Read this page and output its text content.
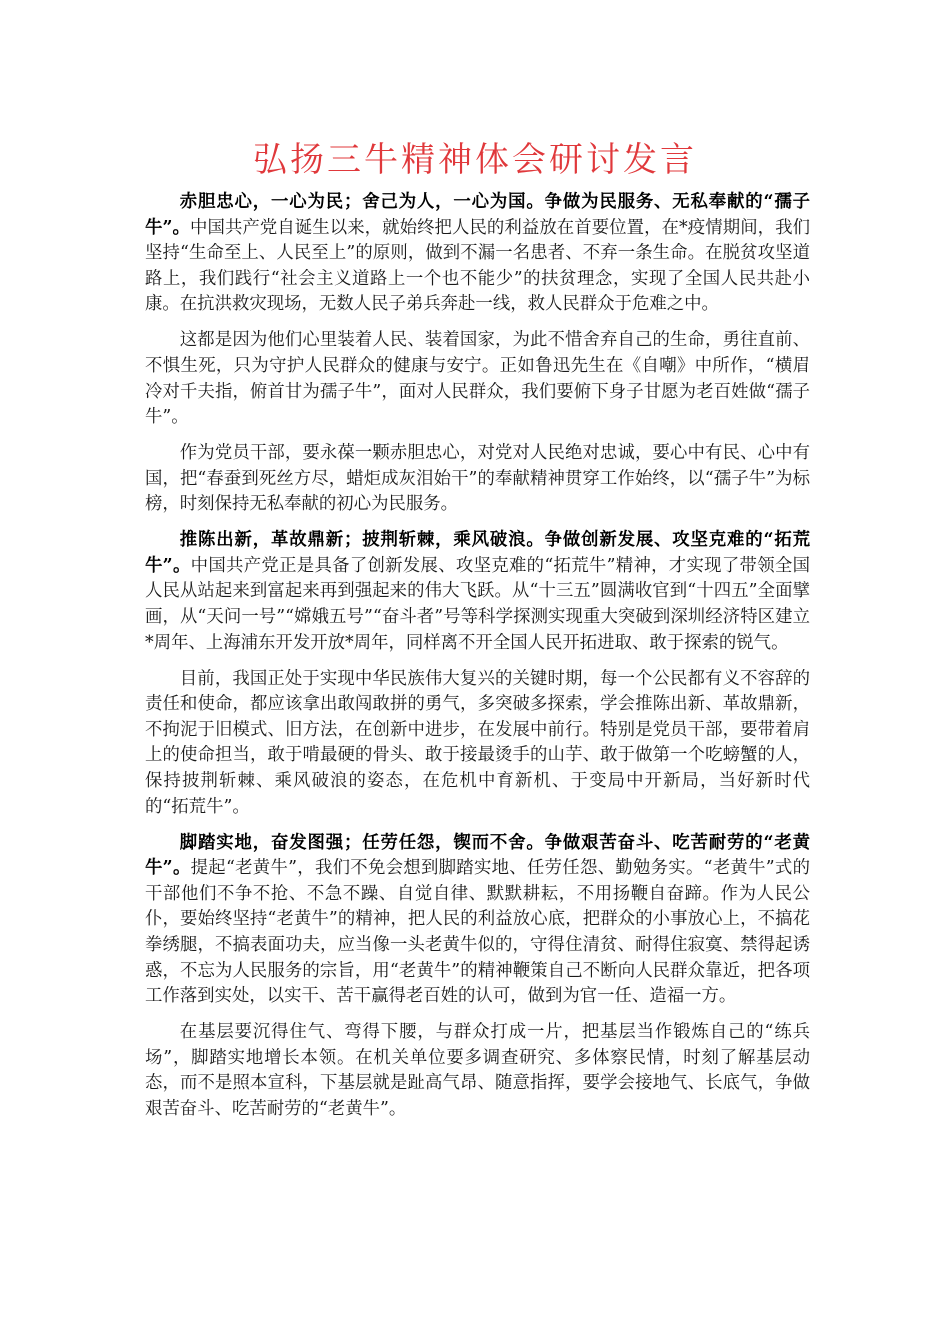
弘扬三牛精神体会研讨发言

赤胆忠心，一心为民；舍己为人，一心为国。争做为民服务、无私奉献的“孺子牛”。中国共产党自诞生以来，就始终把人民的利益放在首要位置，在*疫情期间，我们坚持“生命至上、人民至上”的原则，做到不漏一名患者、不弃一条生命。在脱贫攻坚道路上，我们践行“社会主义道路上一个也不能少”的扶贫理念，实现了全国人民共赴小康。在抗洪救灾现场，无数人民子弟兵奔赴一线，救人民群众于危难之中。

这都是因为他们心里装着人民、装着国家，为此不惜舍弃自己的生命，勇往直前、不惧生死，只为守护人民群众的健康与安宁。正如鲁迅先生在《自嘲》中所作，“横眉冷对千夫指，俯首甘为孺子牛”，面对人民群众，我们要俯下身子甘愿为老百姓做“孺子牛”。

作为党员干部，要永葆一颗赤胆忠心，对党对人民绝对忠诚，要心中有民、心中有国，把“春蚕到死丝方尽，蜡炬成灰泪始干”的奉献精神贯穿工作始终，以“孺子牛”为标榜，时刻保持无私奉献的初心为民服务。

推陈出新，革故鼎新；披荆斩棘，乘风破浪。争做创新发展、攻坚克难的“拓荒牛”。中国共产党正是具备了创新发展、攻坚克难的“拓荒牛”精神，才实现了带领全国人民从站起来到富起来再到强起来的伟大飞跃。从“十三五”圆满收官到“十四五”全面擘画，从“天问一号”“嫦娥五号”“奋斗者”号等科学探测实现重大突破到深圳经济特区建立*周年、上海浦东开发开放*周年，同样离不开全国人民开拓进取、敢于探索的锐气。

目前，我国正处于实现中华民族伟大复兴的关键时期，每一个公民都有义不容辞的责任和使命，都应该拿出敢闯敢拼的勇气，多突破多探索，学会推陈出新、革故鼎新，不拘泥于旧模式、旧方法，在创新中进步，在发展中前行。特别是党员干部，要带着肩上的使命担当，敢于啃最硬的骨头、敢于接最烫手的山芋、敢于做第一个吃螃蟹的人，保持披荆斩棘、乘风破浪的姿态，在危机中育新机、于变局中开新局，当好新时代的“拓荒牛”。

脚踏实地，奋发图强；任劳任怨，锲而不舍。争做艰苦奋斗、吃苦耐劳的“老黄牛”。提起“老黄牛”，我们不免会想到脚踏实地、任劳任怨、勤勉务实。“老黄牛”式的干部他们不争不抢、不急不躁、自觉自律、默默耕耘，不用扬鞭自奋蹄。作为人民公仆，要始终坚持“老黄牛”的精神，把人民的利益放心底，把群众的小事放心上，不搞花拳绣腿，不搞表面功夫，应当像一头老黄牛似的，守得住清贫、耐得住寂寞、禁得起诱惑，不忘为人民服务的宗旨，用“老黄牛”的精神鞭策自己不断向人民群众靠近，把各项工作落到实处，以实干、苦干赢得老百姓的认可，做到为官一任、造福一方。

在基层要沉得住气、弯得下腰，与群众打成一片，把基层当作锻炼自己的“练兵场”，脚踏实地增长本领。在机关单位要多调查研究、多体察民情，时刻了解基层动态，而不是照本宣科，下基层就是趾高气昂、随意指挥，要学会接地气、长底气，争做艰苦奋斗、吃苦耐劳的“老黄牛”。
